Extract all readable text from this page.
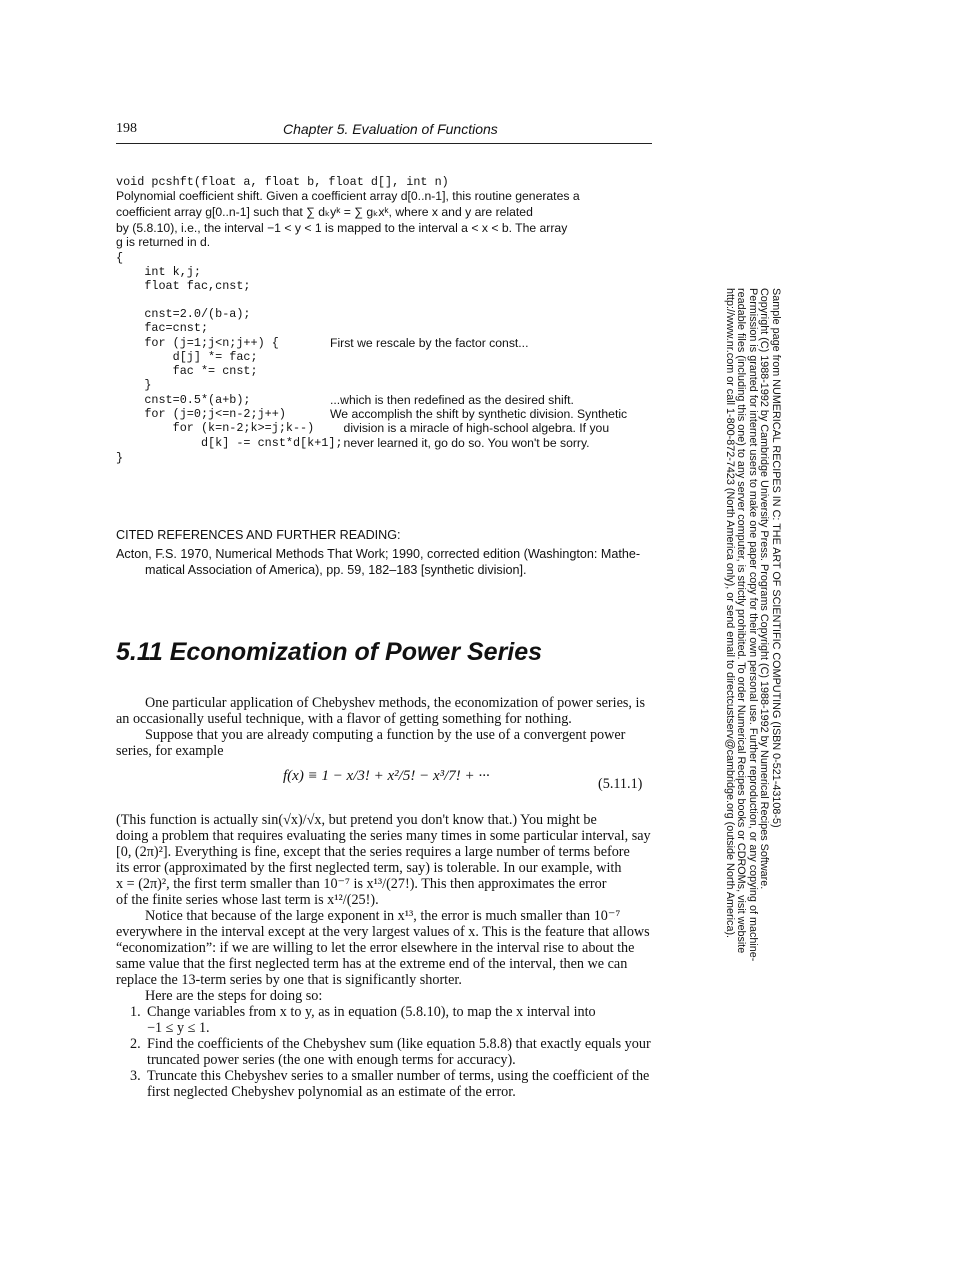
198	Chapter 5. Evaluation of Functions
void pcshft(float a, float b, float d[], int n)
Polynomial coefficient shift. Given a coefficient array d[0..n-1], this routine generates a
coefficient array g[0..n-1] such that ∑ dₖyᵏ = ∑ gₖxᵏ, where x and y are related
by (5.8.10), i.e., the interval −1 < y < 1 is mapped to the interval a < x < b. The array
g is returned in d.
{
int k,j;
float fac,cnst;
cnst=2.0/(b-a);
fac=cnst;
for (j=1;j<n;j++) {
d[j] *= fac;
fac *= cnst;
}
cnst=0.5*(a+b);
for (j=0;j<=n-2;j++)
for (k=n-2;k>=j;k--)
d[k] -= cnst*d[k+1];
}
First we rescale by the factor const...
...which is then redefined as the desired shift.
We accomplish the shift by synthetic division. Synthetic
division is a miracle of high-school algebra. If you
never learned it, go do so. You won't be sorry.
CITED REFERENCES AND FURTHER READING:
Acton, F.S. 1970, Numerical Methods That Work; 1990, corrected edition (Washington: Mathe-
matical Association of America), pp. 59, 182–183 [synthetic division].
5.11 Economization of Power Series
One particular application of Chebyshev methods, the economization of power series, is
an occasionally useful technique, with a flavor of getting something for nothing.
Suppose that you are already computing a function by the use of a convergent power
series, for example
f(x) ≡ 1 − x/3! + x²/5! − x³/7! + ···	(5.11.1)
(This function is actually sin(√x)/√x, but pretend you don't know that.) You might be
doing a problem that requires evaluating the series many times in some particular interval, say
[0, (2π)²]. Everything is fine, except that the series requires a large number of terms before
its error (approximated by the first neglected term, say) is tolerable. In our example, with
x = (2π)², the first term smaller than 10⁻⁷ is x¹³/(27!). This then approximates the error
of the finite series whose last term is x¹²/(25!).
Notice that because of the large exponent in x¹³, the error is much smaller than 10⁻⁷
everywhere in the interval except at the very largest values of x. This is the feature that allows
“economization”: if we are willing to let the error elsewhere in the interval rise to about the
same value that the first neglected term has at the extreme end of the interval, then we can
replace the 13-term series by one that is significantly shorter.
Here are the steps for doing so:
1. Change variables from x to y, as in equation (5.8.10), to map the x interval into
−1 ≤ y ≤ 1.
2. Find the coefficients of the Chebyshev sum (like equation 5.8.8) that exactly equals your
truncated power series (the one with enough terms for accuracy).
3. Truncate this Chebyshev series to a smaller number of terms, using the coefficient of the
first neglected Chebyshev polynomial as an estimate of the error.
Sample page from NUMERICAL RECIPES IN C: THE ART OF SCIENTIFIC COMPUTING (ISBN 0-521-43108-5)
Copyright (C) 1988-1992 by Cambridge University Press. Programs Copyright (C) 1988-1992 by Numerical Recipes Software.
Permission is granted for internet users to make one paper copy for their own personal use. Further reproduction, or any copying of machine-
readable files (including this one) to any server computer, is strictly prohibited. To order Numerical Recipes books or CDROMs, visit website
http://www.nr.com or call 1-800-872-7423 (North America only), or send email to directcustserv@cambridge.org (outside North America).
